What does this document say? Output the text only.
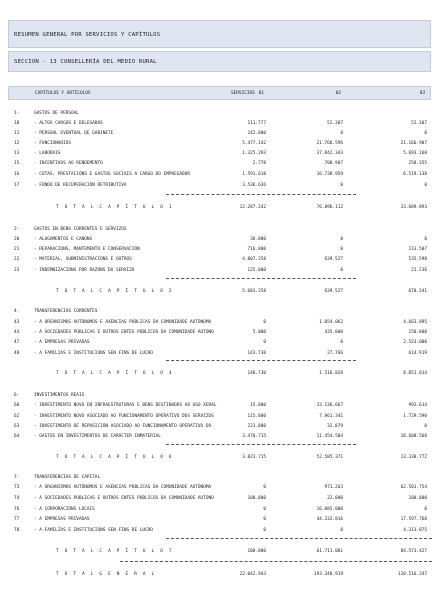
RESUMEN GENERAL POR SERVICIOS Y CAPÍTULOS
SECCION - 13 CONSELLERÍA DEL MEDIO RURAL
CAPÍTULOS Y ARTÍCULOS	SERVICIOS 01	02	03
1-	GASTOS DE PERSOAL
10	- ALTOS CARGOS E DELEGADOS	111.777	52.307	52.307
11	- PERSOAL EVENTUAL DE GABINETE	242.000	0	0
12	- FUNCIONARIOS	5.477.142	21.768.596	21.166.907
13	- LABORAIS	1.325.293	37.842.343	5.693.168
15	- INCENTIVOS AO RENDEMENTO	2.778	708.907	258.355
16	- COTAS, PRESTACIÓNS E GASTOS SOCIAIS A CARGO DO EMPREGADOR	1.591.618	16.738.959	6.519.138
17	- FONDO DE RECUPERACIÓN RETRIBUTIVA	3.536.636	0	0
T O T A L C A P Í T U L O 1	12.287.242	76.896.112	33.689.893
2-	GASTOS EN BENS CORRENTES E SERVIZOS
20	- ALUGAMENTOS E CANONS	36.000	0	0
21	- REPARACIÓNS, MANTEMENTO E CONSERVACIÓN	716.000	0	113.507
22	- MATERIAL, SUBMINISTRACIÓNS E OUTROS	4.807.258	639.527	535.598
23	- INDEMNIZACIÓNS POR RAZÓNS DO SERVIZO	125.000	0	21.236
T O T A L C A P Í T U L O 2	5.683.258	639.527	670.341
4-	TRANSFERENCIAS CORRENTES
43	- A ORGANISMOS AUTÓNOMOS E AXENCIAS PÚBLICAS DA COMUNIDADE AUTÓNOMA	0	1.054.062	4.663.895
44	- A SOCIEDADES PÚBLICAS E OUTROS ENTES PÚBLICOS DA COMUNIDADE AUTÓNO	5.000	435.000	150.000
47	- A EMPRESAS PRIVADAS	0	0	2.523.000
48	- A FAMILIAS E INSTITUCIÓNS SEN FINS DE LUCRO	143.730	27.766	614.919
T O T A L C A P Í T U L O 4	148.730	1.516.828	8.051.814
6-	INVESTIMENTOS REAIS
60	- INVESTIMENTO NOVO EN INFRAESTRUTURAS E BENS DESTINADOS AO USO XERAL	15.000	33.136.667	992.614
62	- INVESTIMENTO NOVO ASOCIADO AO FUNCIONAMENTO OPERATIVO DOS SERVIZOS	115.000	7.961.341	1.729.590
63	- INVESTIMENTO DE REPOSICIÓN ASOCIADO AO FUNCIONAMENTO OPERATIVO DO	223.000	32.879	0
64	- GASTOS EN INVESTIMENTOS DE CARÁCTER INMATERIAL	3.470.715	11.454.504	10.608.568
T O T A L C A P Í T U L O 6	3.823.715	52.585.371	13.330.772
7-	TRANSFERENCIAS DE CAPITAL
73	- A ORGANISMOS AUTÓNOMOS E AXENCIAS PÚBLICAS DA COMUNIDADE AUTÓNOMA	0	971.263	62.501.754
74	- A SOCIEDADES PÚBLICAS E OUTROS ENTES PÚBLICOS DA COMUNIDADE AUTÓNO	100.000	22.000	100.000
76	- A CORPORACIÓNS LOCAIS	0	16.085.000	0
77	- A EMPRESAS PRIVADAS	0	44.332.816	17.597.768
78	- A FAMILIAS E INSTITUCIÓNS SEN FINS DE LUCRO	0	0	4.313.875
T O T A L C A P Í T U L O 7	100.000	61.711.081	84.573.427
T O T A L G E N E R A L	22.042.943	193.348.919	120.516.247
